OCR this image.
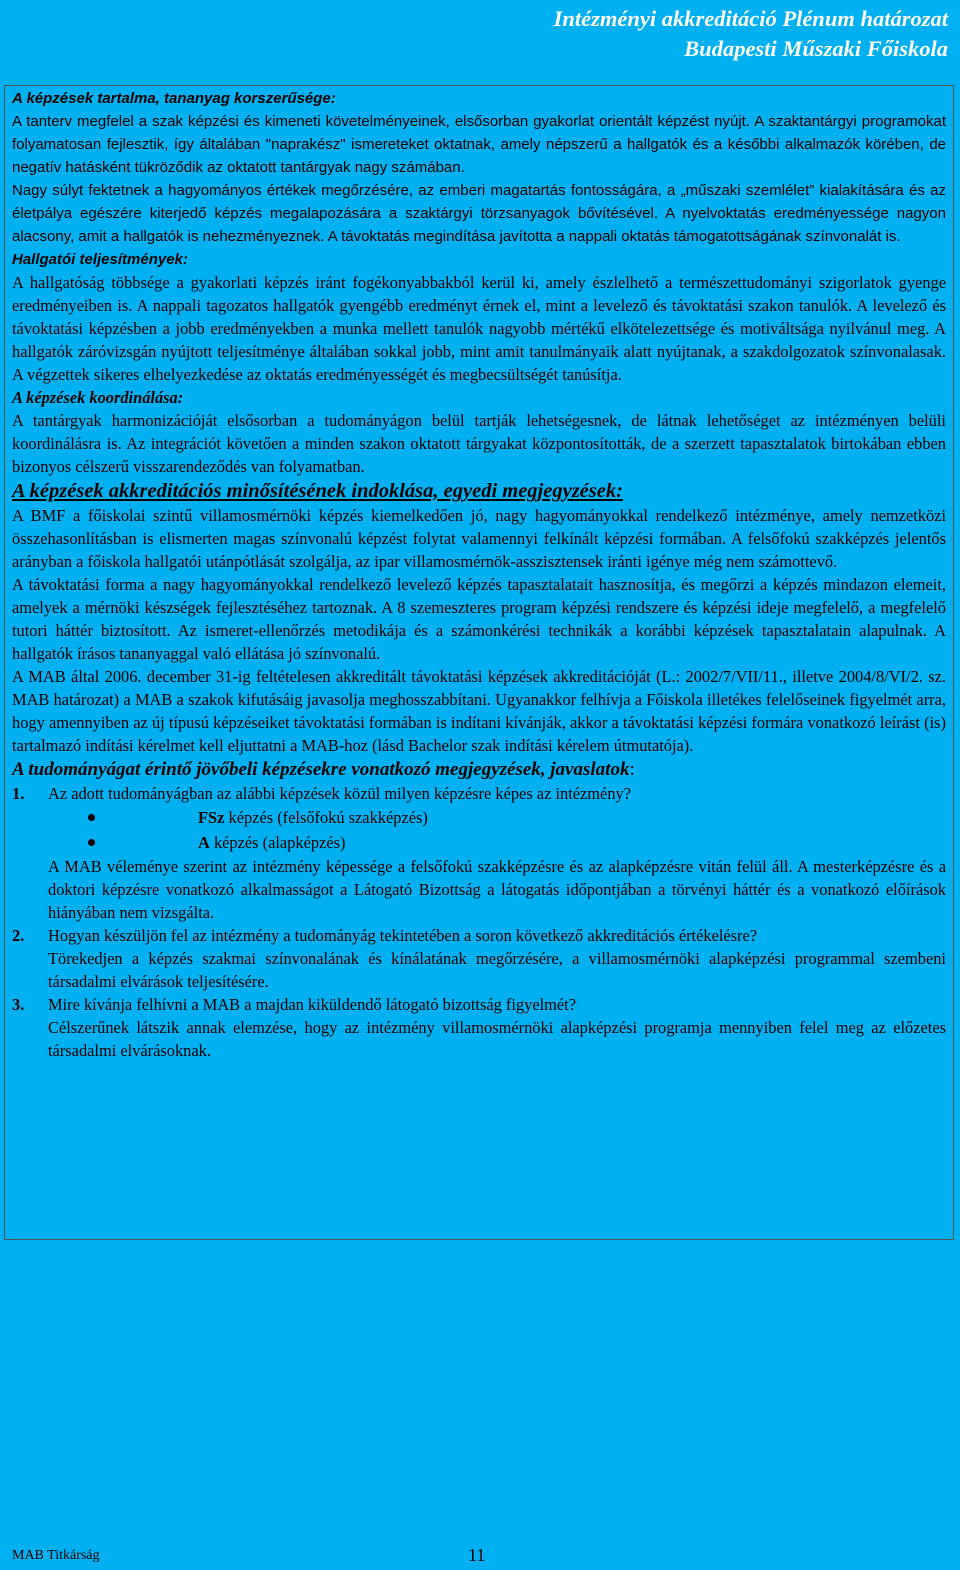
Intézményi akkreditáció Plénum határozat
Budapesti Műszaki Főiskola
A képzések tartalma, tananyag korszerűsége:

A tanterv megfelel a szak képzési és kimeneti követelményeinek, elsősorban gyakorlat orientált képzést nyújt. A szaktantárgyi programokat folyamatosan fejlesztik, így általában "naprakész" ismereteket oktatnak, amely népszerű a hallgatók és a későbbi alkalmazók körében, de negatív hatásként tükröződik az oktatott tantárgyak nagy számában.

Nagy súlyt fektetnek a hagyományos értékek megőrzésére, az emberi magatartás fontosságára, a „műszaki szemlélet” kialakítására és az életpálya egészére kiterjedő képzés megalapozására a szaktárgyi törzsanyagok bővítésével. A nyelvoktatás eredményessége nagyon alacsony, amit a hallgatók is nehezményeznek. A távoktatás megindítása javította a nappali oktatás támogatottságának színvonalát is.

Hallgatói teljesítmények:

A hallgatóság többsége a gyakorlati képzés iránt fogékonyabbakból kerül ki, amely észlelhető a természettudományi szigorlatok gyenge eredményeiben is. A nappali tagozatos hallgatók gyengébb eredményt érnek el, mint a levelező és távoktatási szakon tanulók. A levelező és távoktatási képzésben a jobb eredményekben a munka mellett tanulók nagyobb mértékű elkötelezettsége és motiváltsága nyilvánul meg. A hallgatók záróvizsgán nyújtott teljesítménye általában sokkal jobb, mint amit tanulmányaik alatt nyújtanak, a szakdolgozatok színvonalasak. A végzettek sikeres elhelyezkedése az oktatás eredményességét és megbecsültségét tanúsítja.

A képzések koordinálása:

A tantárgyak harmonizációját elsősorban a tudományágon belül tartják lehetségesnek, de látnak lehetőséget az intézményen belüli koordinálásra is. Az integrációt követően a minden szakon oktatott tárgyakat központosították, de a szerzett tapasztalatok birtokában ebben bizonyos célszerű visszarendeződés van folyamatban.

A képzések akkreditációs minősítésének indoklása, egyedi megjegyzések:

A BMF a főiskolai szintű villamosmérnöki képzés kiemelkedően jó, nagy hagyományokkal rendelkező intézménye, amely nemzetközi összehasonlításban is elismerten magas színvonalú képzést folytat valamennyi felkínált képzési formában. A felsőfokú szakképzés jelentős arányban a főiskola hallgatói utánpótlását szolgálja, az ipar villamosmérnök-asszisztensek iránti igénye még nem számottevő.

A távoktatási forma a nagy hagyományokkal rendelkező levelező képzés tapasztalatait hasznosítja, és megőrzi a képzés mindazon elemeit, amelyek a mérnöki készségek fejlesztéséhez tartoznak. A 8 szemeszteres program képzési rendszere és képzési ideje megfelelő, a megfelelő tutori háttér biztosított. Az ismeret-ellenőrzés metodikája és a számonkérési technikák a korábbi képzések tapasztalatain alapulnak. A hallgatók írásos tananyaggal való ellátása jó színvonalú.

A MAB által 2006. december 31-ig feltételesen akkreditált távoktatási képzések akkreditációját (L.: 2002/7/VII/11., illetve 2004/8/VI/2. sz. MAB határozat) a MAB a szakok kifutásáig javasolja meghosszabbítani. Ugyanakkor felhívja a Főiskola illetékes felelőseinek figyelmét arra, hogy amennyiben az új típusú képzéseiket távoktatási formában is indítani kívánják, akkor a távoktatási képzési formára vonatkozó leírást (is) tartalmazó indítási kérelmet kell eljuttatni a MAB-hoz (lásd Bachelor szak indítási kérelem útmutatója).

A tudományágat érintő jövőbeli képzésekre vonatkozó megjegyzések, javaslatok:
1.	Az adott tudományágban az alábbi képzések közül milyen képzésre képes az intézmény?
FSz képzés (felsőfokú szakképzés)
A képzés (alapképzés)

A MAB véleménye szerint az intézmény képessége a felsőfokú szakképzésre és az alapképzésre vitán felül áll. A mesterképzésre és a doktori képzésre vonatkozó alkalmasságot a Látogató Bizottság a látogatás időpontjában a törvényi háttér és a vonatkozó előírások hiányában nem vizsgálta.

2.	Hogyan készüljön fel az intézmény a tudományág tekintetében a soron következő akkreditációs értékelésre?

Törekedjen a képzés szakmai színvonalának és kínálatának megőrzésére, a villamosmérnöki alapképzési programmal szembeni társadalmi elvárások teljesítésére.

3.	Mire kívánja felhívni a MAB a majdan kiküldendő látogató bizottság figyelmét?

Célszerűnek látszik annak elemzése, hogy az intézmény villamosmérnöki alapképzési programja mennyiben felel meg az előzetes társadalmi elvárásoknak.

MAB Titkárság	11
